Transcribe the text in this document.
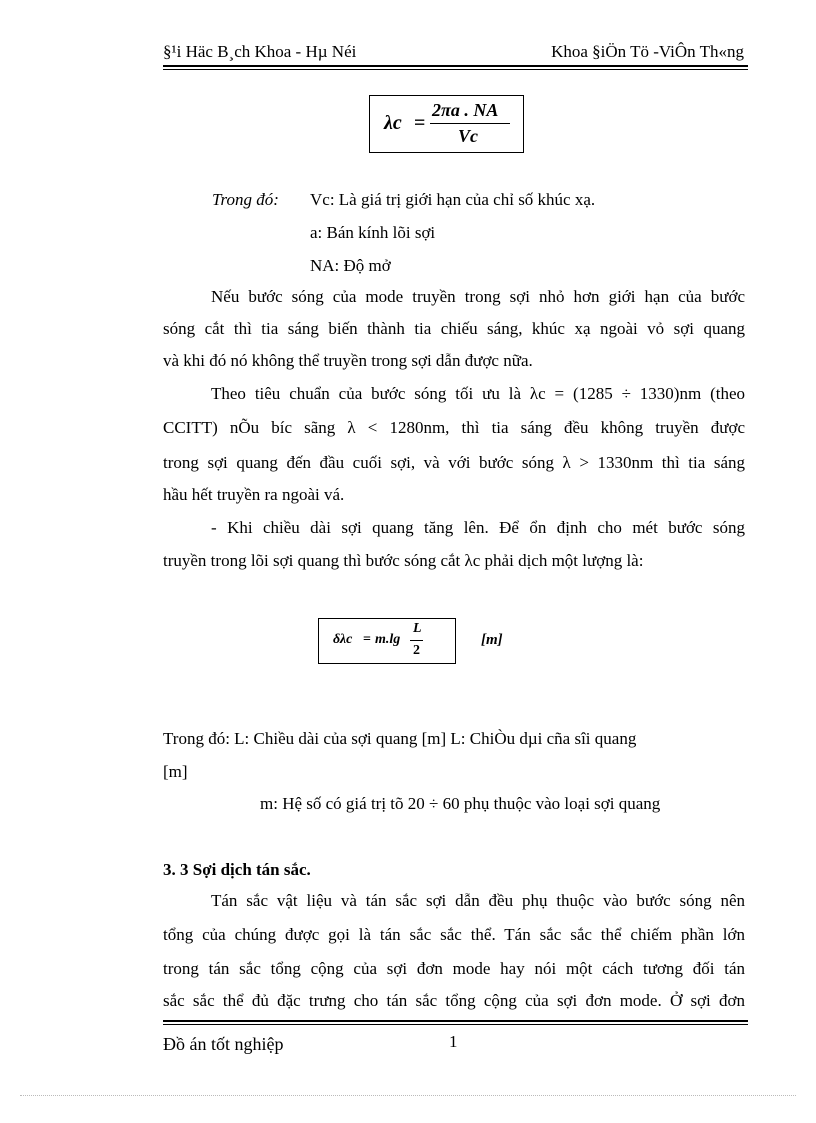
§¹i Häc B¸ch Khoa - Hµ Néi	Khoa §iÖn Tö -ViÔn Th«ng
λc =
2πa . NA
Vc
Trong đó: Vc: Là giá trị giới hạn của chỉ số khúc xạ.
a: Bán kính lõi sợi
NA: Độ mở
Nếu bước sóng của mode truyền trong sợi nhỏ hơn giới hạn của bước
sóng cắt thì tia sáng biến thành tia chiếu sáng, khúc xạ ngoài vỏ sợi quang
và khi đó nó không thể truyền trong sợi dẫn được nữa.
Theo tiêu chuẩn của bước sóng tối ưu là λc = (1285 ÷ 1330)nm (theo
CCITT) nÕu bíc sãng λ < 1280nm, thì tia sáng đều không truyền được
trong sợi quang đến đầu cuối sợi, và với bước sóng λ > 1330nm thì tia sáng
hầu hết truyền ra ngoài vá.
- Khi chiều dài sợi quang tăng lên. Để ổn định cho mét bước sóng
truyền trong lõi sợi quang thì bước sóng cắt λc phải dịch một lượng là:
δλc = m.lg
L
2
[m]
Trong đó: L: Chiều dài của sợi quang [m] L: ChiÒu dµi cña sîi quang
[m]
m: Hệ số có giá trị tõ 20 ÷ 60 phụ thuộc vào loại sợi quang
3. 3 Sợi dịch tán sắc.
Tán sắc vật liệu và tán sắc sợi dẫn đều phụ thuộc vào bước sóng nên
tổng của chúng được gọi là tán sắc sắc thể. Tán sắc sắc thể chiếm phần lớn
trong tán sắc tổng cộng của sợi đơn mode hay nói một cách tương đối tán
sắc sắc thể đủ đặc trưng cho tán sắc tổng cộng của sợi đơn mode. Ở sợi đơn
Đồ án tốt nghiệp	1
